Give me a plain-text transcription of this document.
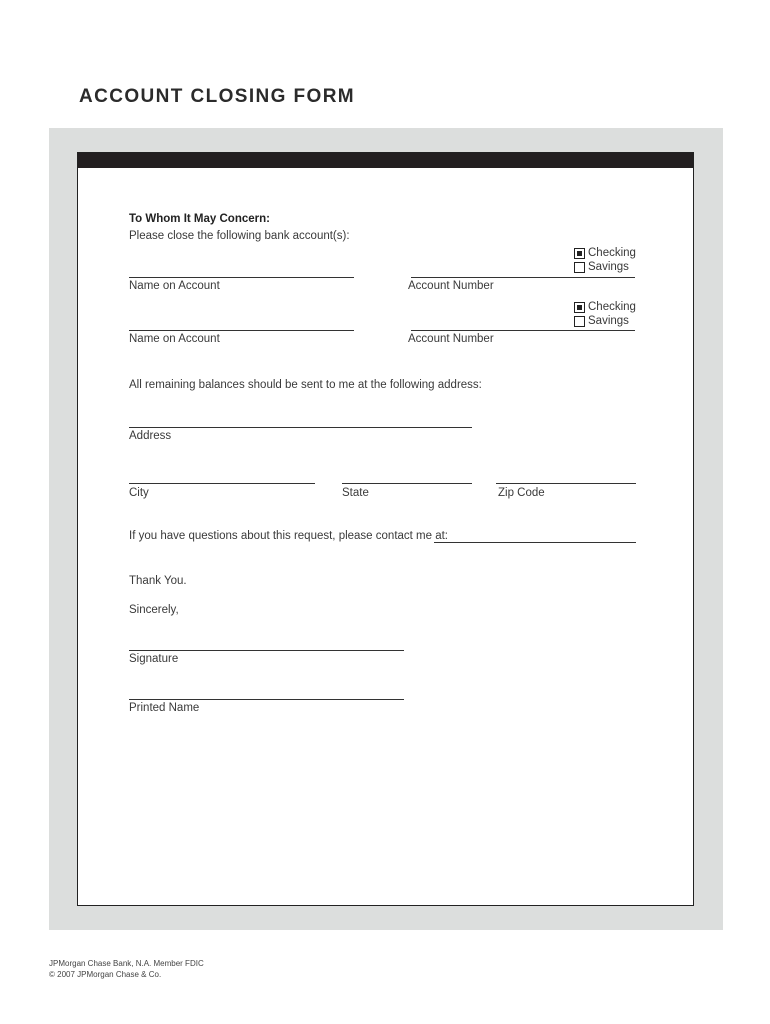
ACCOUNT CLOSING FORM
To Whom It May Concern:
Please close the following bank account(s):
Checking
Savings
Name on Account	Account Number
Checking
Savings
Name on Account	Account Number
All remaining balances should be sent to me at the following address:
Address
City	State	Zip Code
If you have questions about this request, please contact me at:
Thank You.
Sincerely,
Signature
Printed Name
JPMorgan Chase Bank, N.A. Member FDIC
© 2007 JPMorgan Chase & Co.
